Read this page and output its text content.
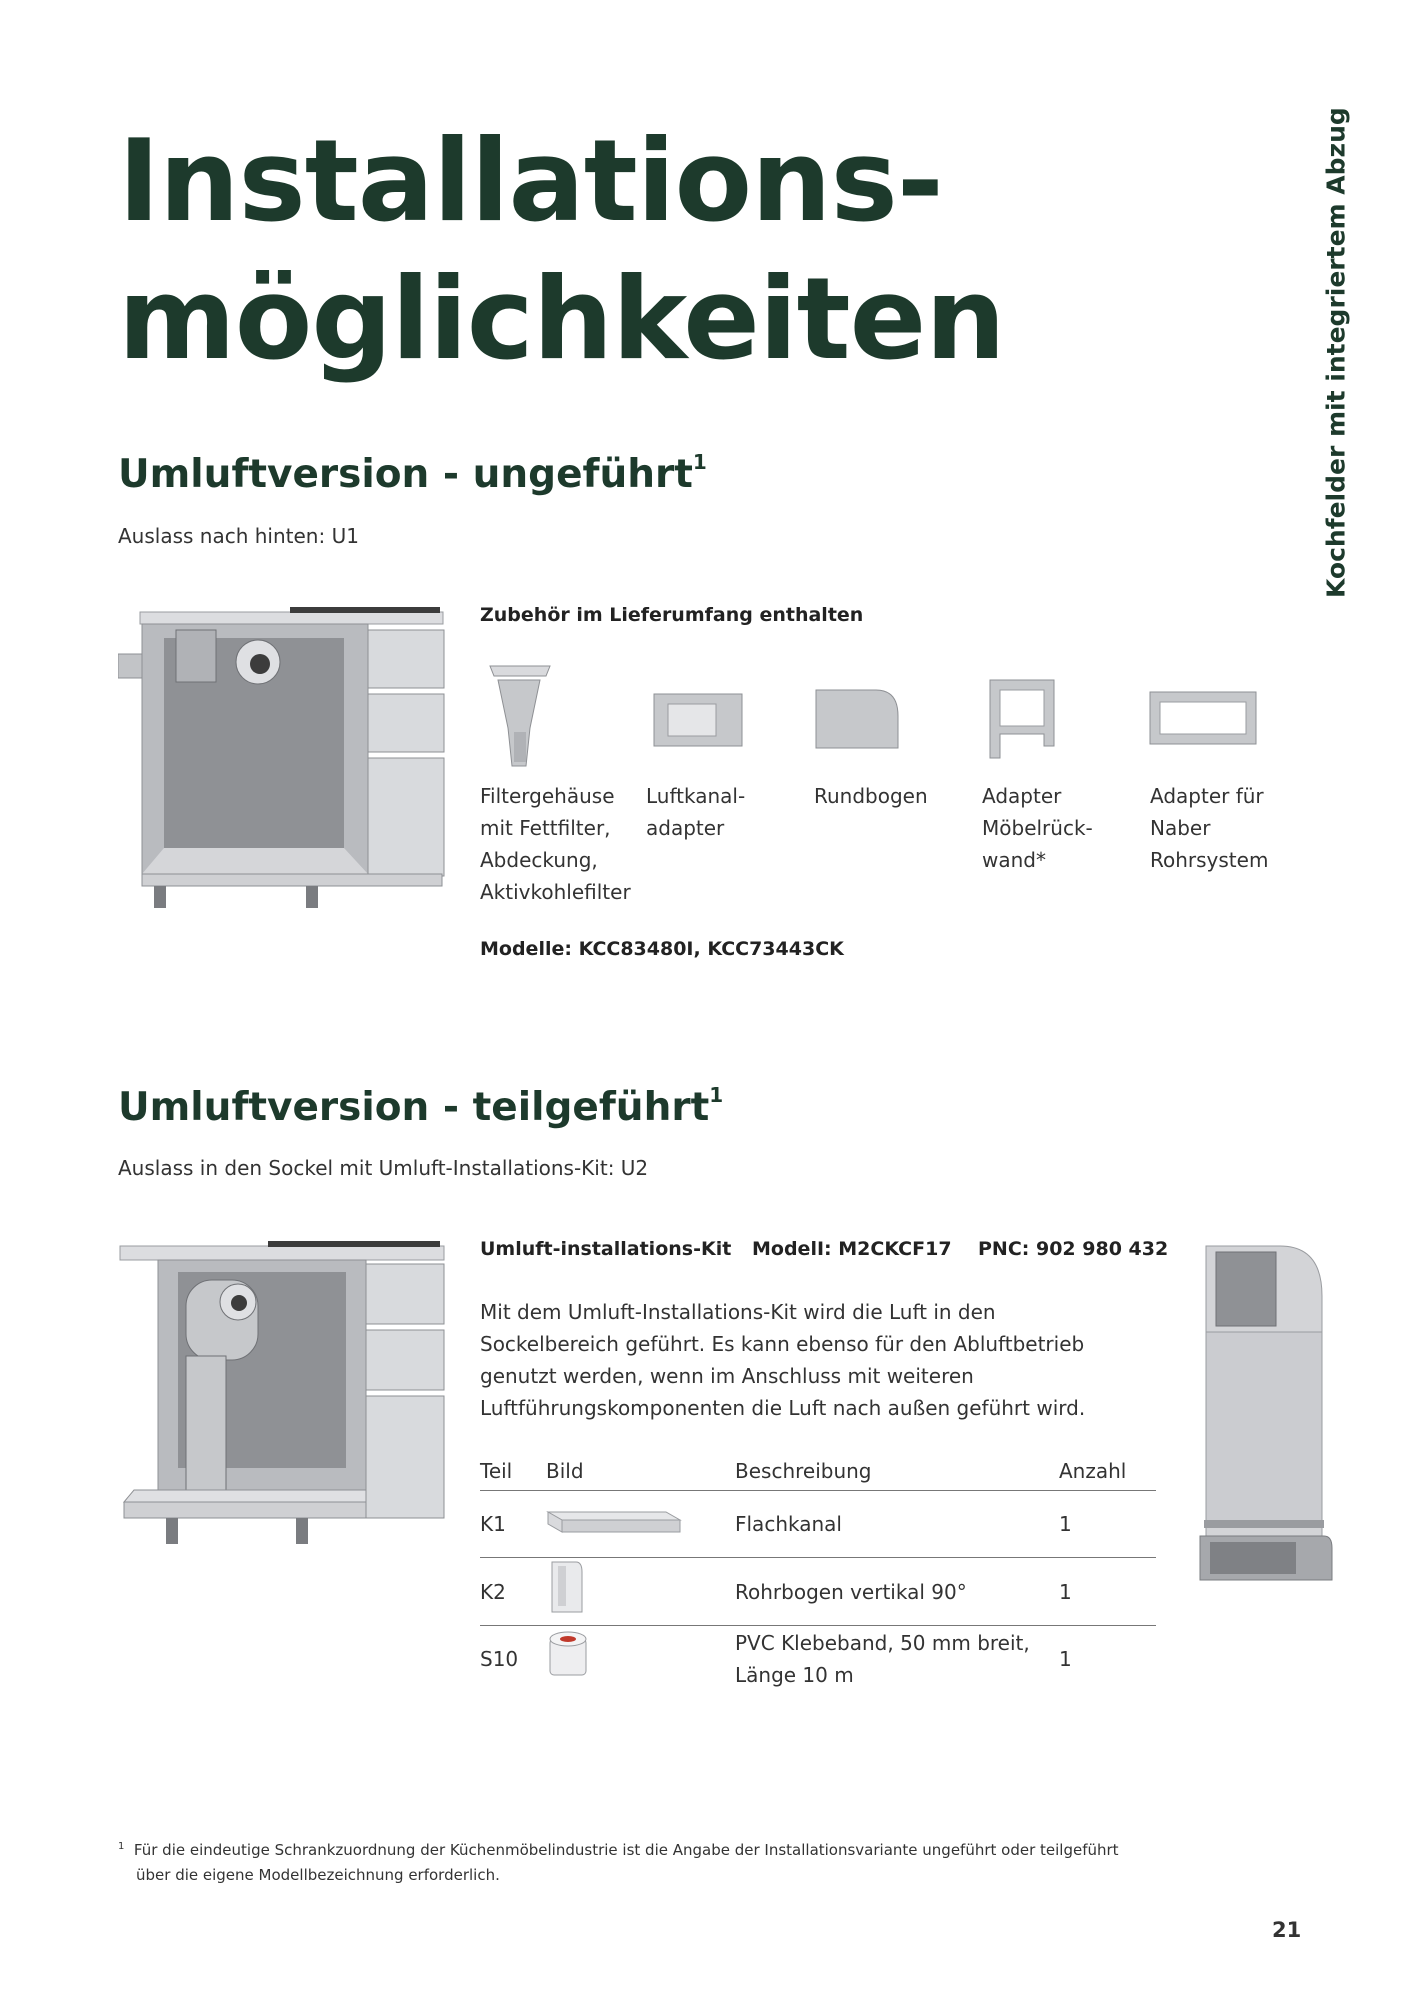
Installations-
möglichkeiten	Kochfelder mit integriertem Abzug
Umluftversion - ungeführt$^1$
Auslass nach hinten: U1
Zubehör im Lieferumfang enthalten
Filtergehäuse mit Fettfilter, Abdeckung, Aktivkohlefilter
Luftkanal-adapter
Rundbogen	Adapter Möbelrück-wand*
Adapter für Naber Rohrsystem
Modelle: KCC83480I, KCC73443CK
Umluftversion - teilgeführt$^1$
Auslass in den Sockel mit Umluft-Installations-Kit: U2
Umluft-installations-Kit ModelI: M2CKCF17 PNC: 902 980 432
Mit dem Umluft-Installations-Kit wird die Luft in den Sockelbereich geführt. Es kann ebenso für den Abluftbetrieb genutzt werden, wenn im Anschluss mit weiteren Luftführungskomponenten die Luft nach außen geführt wird.
Teil	Bild	Beschreibung	Anzahl
K1		Flachkanal	1
K2		Rohrbogen vertikal 90°	1
S10		PVC Klebeband, 50 mm breit, Länge 10 m	1
$^1$ Für die eindeutige Schrankzuordnung der Küchenmöbelindustrie ist die Angabe der Installationsvariante ungeführt oder teilgeführt
über die eigene Modellbezeichnung erforderlich.
21
